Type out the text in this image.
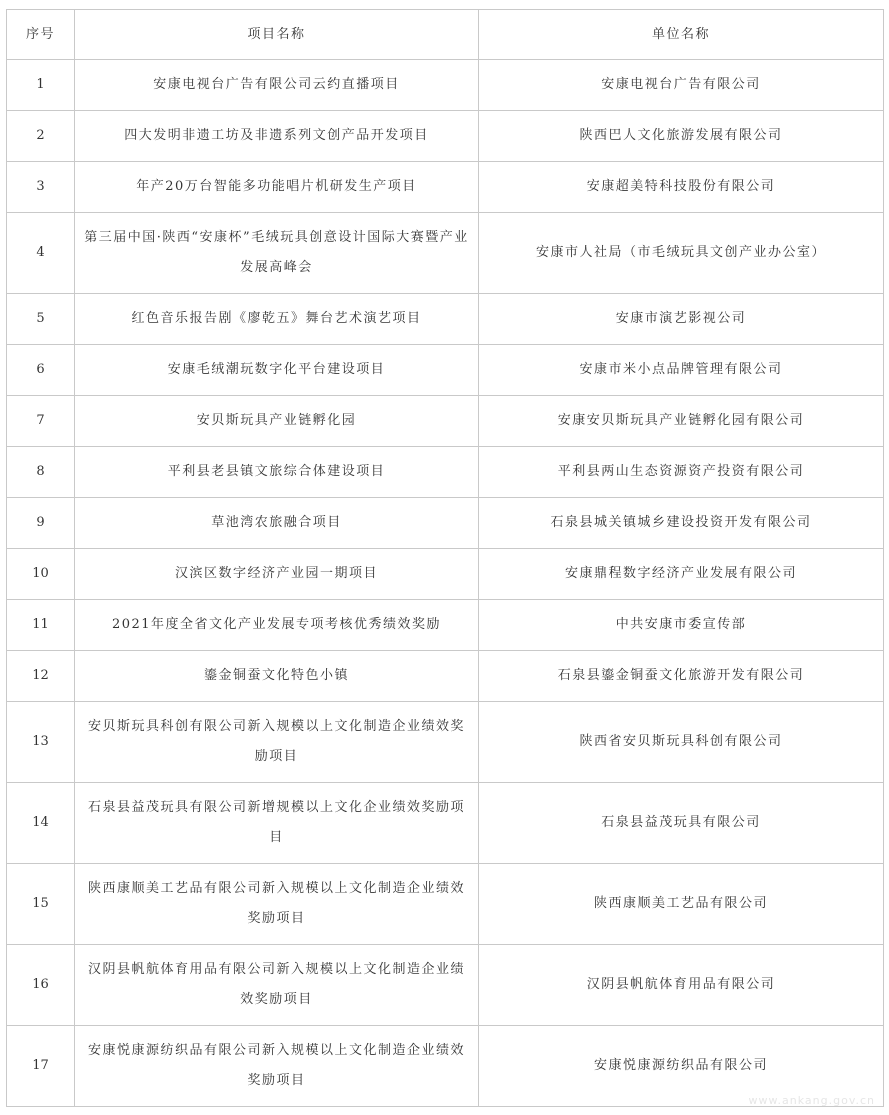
序号	项目名称	单位名称
1	安康电视台广告有限公司云约直播项目	安康电视台广告有限公司
2	四大发明非遗工坊及非遗系列文创产品开发项目	陕西巴人文化旅游发展有限公司
3	年产20万台智能多功能唱片机研发生产项目	安康超美特科技股份有限公司
4	第三届中国·陕西“安康杯”毛绒玩具创意设计国际大赛暨产业发展高峰会	安康市人社局（市毛绒玩具文创产业办公室）
5	红色音乐报告剧《廖乾五》舞台艺术演艺项目	安康市演艺影视公司
6	安康毛绒潮玩数字化平台建设项目	安康市米小点品牌管理有限公司
7	安贝斯玩具产业链孵化园	安康安贝斯玩具产业链孵化园有限公司
8	平利县老县镇文旅综合体建设项目	平利县两山生态资源资产投资有限公司
9	草池湾农旅融合项目	石泉县城关镇城乡建设投资开发有限公司
10	汉滨区数字经济产业园一期项目	安康鼎程数字经济产业发展有限公司
11	2021年度全省文化产业发展专项考核优秀绩效奖励	中共安康市委宣传部
12	鎏金铜蚕文化特色小镇	石泉县鎏金铜蚕文化旅游开发有限公司
13	安贝斯玩具科创有限公司新入规模以上文化制造企业绩效奖励项目	陕西省安贝斯玩具科创有限公司
14	石泉县益茂玩具有限公司新增规模以上文化企业绩效奖励项目	石泉县益茂玩具有限公司
15	陕西康顺美工艺品有限公司新入规模以上文化制造企业绩效奖励项目	陕西康顺美工艺品有限公司
16	汉阴县帆航体育用品有限公司新入规模以上文化制造企业绩效奖励项目	汉阴县帆航体育用品有限公司
17	安康悦康源纺织品有限公司新入规模以上文化制造企业绩效奖励项目	安康悦康源纺织品有限公司
www.ankang.gov.cn
